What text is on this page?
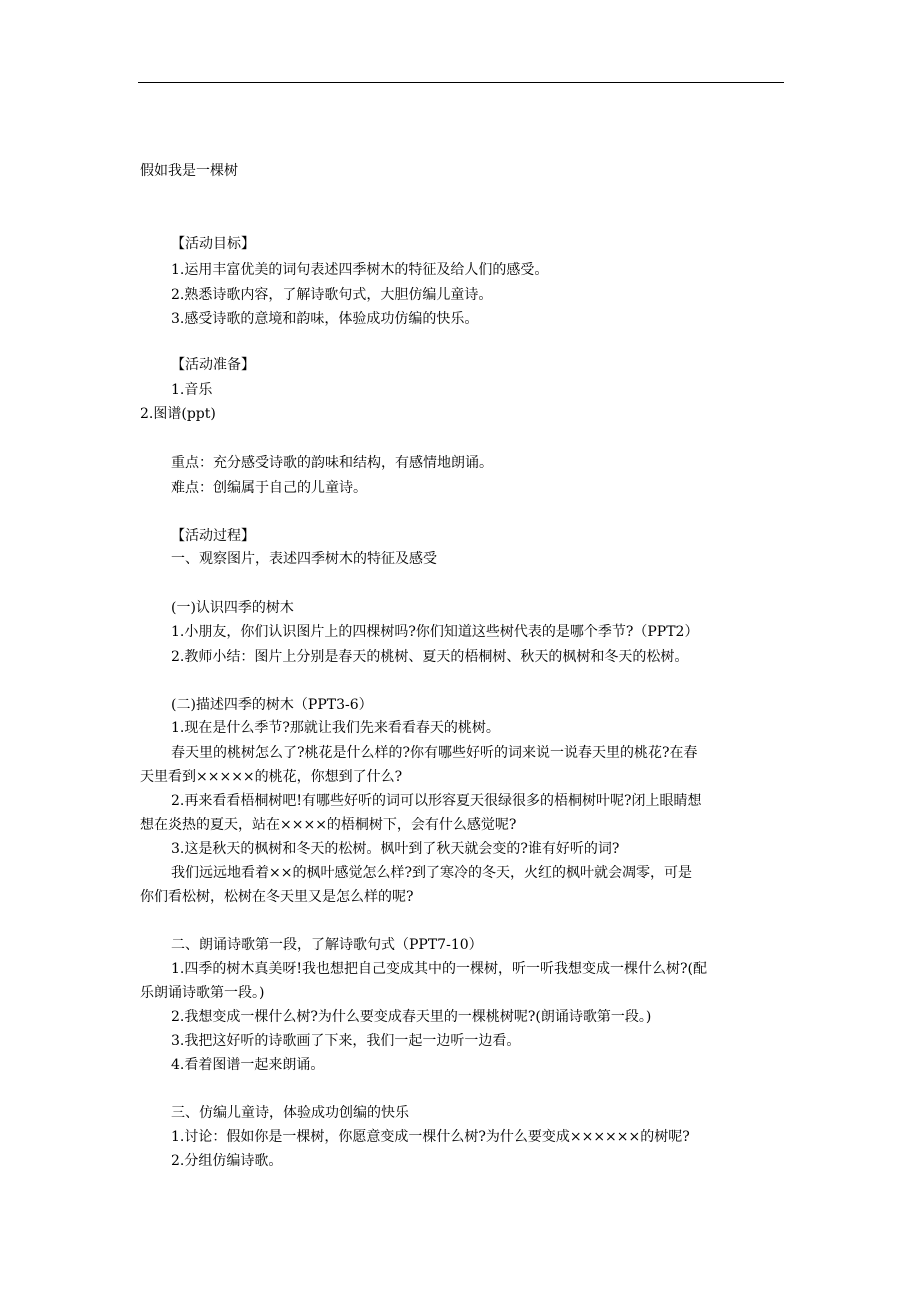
假如我是一棵树
【活动目标】
1.运用丰富优美的词句表述四季树木的特征及给人们的感受。
2.熟悉诗歌内容，了解诗歌句式，大胆仿编儿童诗。
3.感受诗歌的意境和韵味，体验成功仿编的快乐。
【活动准备】
1.音乐
2.图谱(ppt)
重点：充分感受诗歌的韵味和结构，有感情地朗诵。
难点：创编属于自己的儿童诗。
【活动过程】
一、观察图片，表述四季树木的特征及感受
(一)认识四季的树木
1.小朋友，你们认识图片上的四棵树吗?你们知道这些树代表的是哪个季节?（PPT2）
2.教师小结：图片上分别是春天的桃树、夏天的梧桐树、秋天的枫树和冬天的松树。
(二)描述四季的树木（PPT3-6）
1.现在是什么季节?那就让我们先来看看春天的桃树。
春天里的桃树怎么了?桃花是什么样的?你有哪些好听的词来说一说春天里的桃花?在春
天里看到×××××的桃花，你想到了什么?
2.再来看看梧桐树吧!有哪些好听的词可以形容夏天很绿很多的梧桐树叶呢?闭上眼睛想
想在炎热的夏天，站在××××的梧桐树下，会有什么感觉呢?
3.这是秋天的枫树和冬天的松树。枫叶到了秋天就会变的?谁有好听的词?
我们远远地看着××的枫叶感觉怎么样?到了寒冷的冬天，火红的枫叶就会凋零，可是
你们看松树，松树在冬天里又是怎么样的呢?
二、朗诵诗歌第一段，了解诗歌句式（PPT7-10）
1.四季的树木真美呀!我也想把自己变成其中的一棵树，听一听我想变成一棵什么树?(配
乐朗诵诗歌第一段。)
2.我想变成一棵什么树?为什么要变成春天里的一棵桃树呢?(朗诵诗歌第一段。)
3.我把这好听的诗歌画了下来，我们一起一边听一边看。
4.看着图谱一起来朗诵。
三、仿编儿童诗，体验成功创编的快乐
1.讨论：假如你是一棵树，你愿意变成一棵什么树?为什么要变成××××××的树呢?
2.分组仿编诗歌。
